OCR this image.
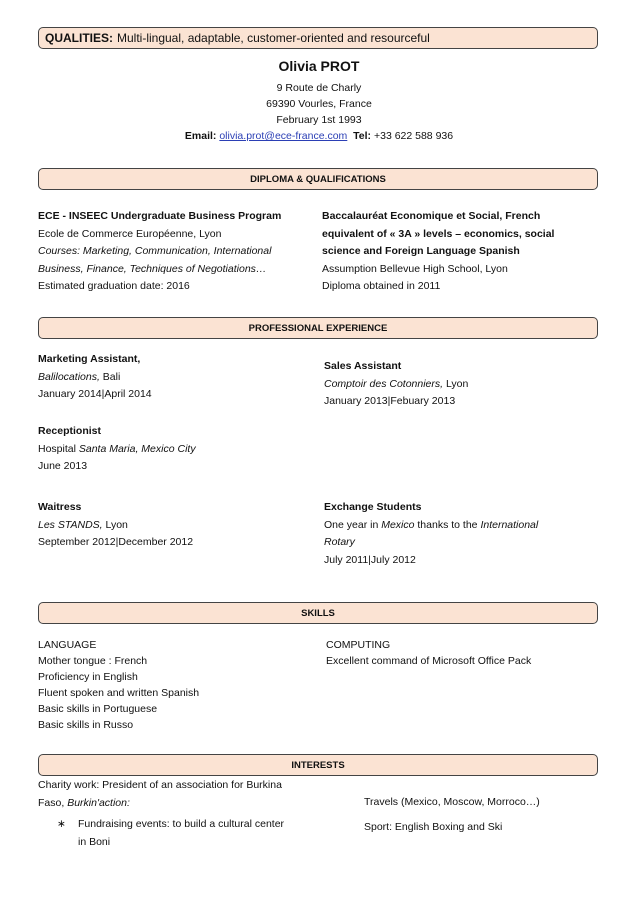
QUALITIES: Multi-lingual, adaptable, customer-oriented and resourceful
Olivia PROT
9 Route de Charly
69390 Vourles, France
February 1st 1993
Email: olivia.prot@ece-france.com Tel: +33 622 588 936
DIPLOMA & QUALIFICATIONS
ECE - INSEEC Undergraduate Business Program
Ecole de Commerce Européenne, Lyon
Courses: Marketing, Communication, International
Business, Finance, Techniques of Negotiations…
Estimated graduation date: 2016
Baccalauréat Economique et Social, French
equivalent of « 3A » levels – economics, social
science and Foreign Language Spanish
Assumption Bellevue High School, Lyon
Diploma obtained in 2011
PROFESSIONAL EXPERIENCE
Marketing Assistant,
Balilocations, Bali
January 2014|April 2014
Sales Assistant
Comptoir des Cotonniers, Lyon
January 2013|Febuary 2013
Receptionist
Hospital Santa Maria, Mexico City
June 2013
Waitress
Les STANDS, Lyon
September 2012|December 2012
Exchange Students
One year in Mexico thanks to the International
Rotary
July 2011|July 2012
SKILLS
LANGUAGE
Mother tongue : French
Proficiency in English
Fluent spoken and written Spanish
Basic skills in Portuguese
Basic skills in Russo
COMPUTING
Excellent command of Microsoft Office Pack
INTERESTS
Charity work: President of an association for Burkina
Faso, Burkin'action:
∗ Fundraising events: to build a cultural center
in Boni
Travels (Mexico, Moscow, Morroco…)
Sport: English Boxing and Ski
